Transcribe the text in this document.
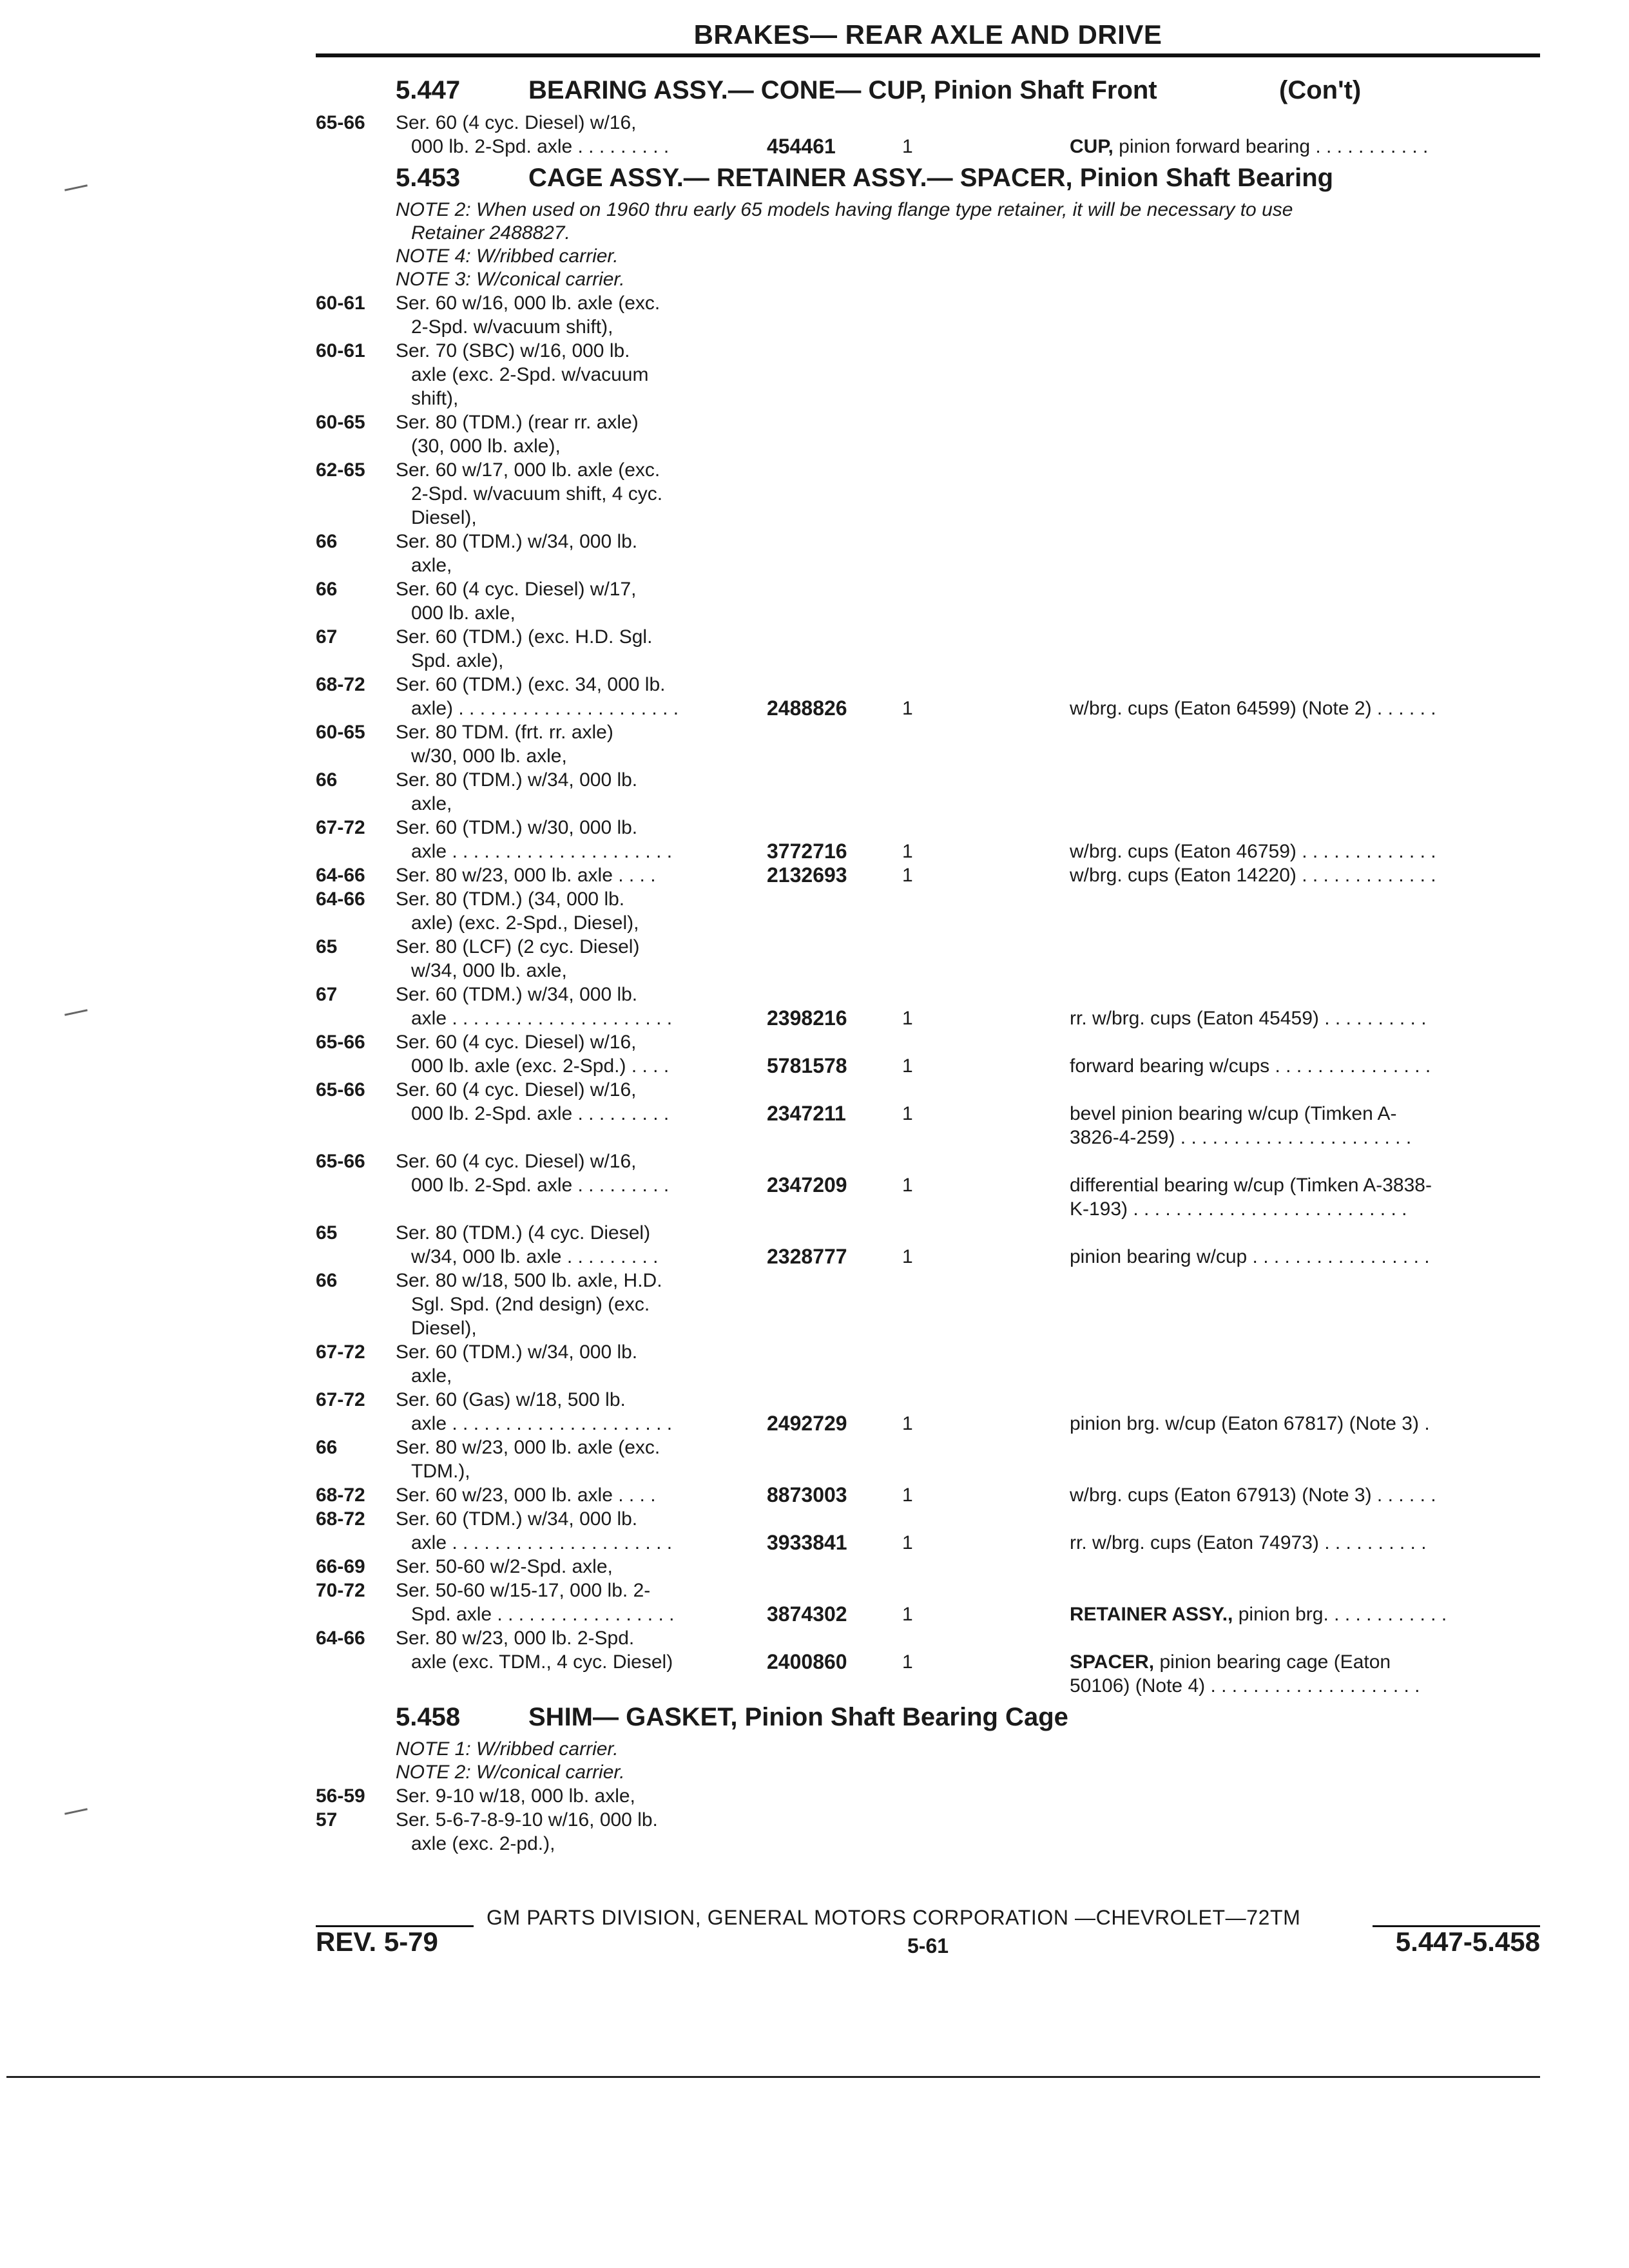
BRAKES— REAR AXLE AND DRIVE
5.447	BEARING ASSY.— CONE— CUP, Pinion Shaft Front	(Con't)
65-66	Ser. 60 (4 cyc. Diesel) w/16,
000 lb. 2-Spd. axle . . . . . . . . .	454461	1	CUP, pinion forward bearing . . . . . . . . . . .
5.453	CAGE ASSY.— RETAINER ASSY.— SPACER, Pinion Shaft Bearing
NOTE 2: When used on 1960 thru early 65 models having flange type retainer, it will be necessary to use

Retainer 2488827.
NOTE 4: W/ribbed carrier.
NOTE 3: W/conical carrier.
60-61	Ser. 60 w/16, 000 lb. axle (exc.
2-Spd. w/vacuum shift),
60-61	Ser. 70 (SBC) w/16, 000 lb.
axle (exc. 2-Spd. w/vacuum
shift),
60-65	Ser. 80 (TDM.) (rear rr. axle)
(30, 000 lb. axle),
62-65	Ser. 60 w/17, 000 lb. axle (exc.
2-Spd. w/vacuum shift, 4 cyc.
Diesel),
66	Ser. 80 (TDM.) w/34, 000 lb.
axle,
66	Ser. 60 (4 cyc. Diesel) w/17,
000 lb. axle,
67	Ser. 60 (TDM.) (exc. H.D. Sgl.
Spd. axle),
68-72	Ser. 60 (TDM.) (exc. 34, 000 lb.
axle) . . . . . . . . . . . . . . . . . . . . .	2488826	1	w/brg. cups (Eaton 64599) (Note 2) . . . . . .
60-65	Ser. 80 TDM. (frt. rr. axle)
w/30, 000 lb. axle,
66	Ser. 80 (TDM.) w/34, 000 lb.
axle,
67-72	Ser. 60 (TDM.) w/30, 000 lb.
axle . . . . . . . . . . . . . . . . . . . . .	3772716	1	w/brg. cups (Eaton 46759) . . . . . . . . . . . . .
64-66	Ser. 80 w/23, 000 lb. axle . . . .	2132693	1	w/brg. cups (Eaton 14220) . . . . . . . . . . . . .
64-66	Ser. 80 (TDM.) (34, 000 lb.
axle) (exc. 2-Spd., Diesel),
65	Ser. 80 (LCF) (2 cyc. Diesel)
w/34, 000 lb. axle,
67	Ser. 60 (TDM.) w/34, 000 lb.
axle . . . . . . . . . . . . . . . . . . . . .	2398216	1	rr. w/brg. cups (Eaton 45459) . . . . . . . . . .
65-66	Ser. 60 (4 cyc. Diesel) w/16,
000 lb. axle (exc. 2-Spd.) . . . .	5781578	1	forward bearing w/cups . . . . . . . . . . . . . . .
65-66	Ser. 60 (4 cyc. Diesel) w/16,
000 lb. 2-Spd. axle . . . . . . . . .	2347211	1	bevel pinion bearing w/cup (Timken A-
3826-4-259) . . . . . . . . . . . . . . . . . . . . . .
65-66	Ser. 60 (4 cyc. Diesel) w/16,
000 lb. 2-Spd. axle . . . . . . . . .	2347209	1	differential bearing w/cup (Timken A-3838-
K-193) . . . . . . . . . . . . . . . . . . . . . . . . . .
65	Ser. 80 (TDM.) (4 cyc. Diesel)
w/34, 000 lb. axle . . . . . . . . .	2328777	1	pinion bearing w/cup . . . . . . . . . . . . . . . . .
66	Ser. 80 w/18, 500 lb. axle, H.D.
Sgl. Spd. (2nd design) (exc.
Diesel),
67-72	Ser. 60 (TDM.) w/34, 000 lb.
axle,
67-72	Ser. 60 (Gas) w/18, 500 lb.
axle . . . . . . . . . . . . . . . . . . . . .	2492729	1	pinion brg. w/cup (Eaton 67817) (Note 3) .
66	Ser. 80 w/23, 000 lb. axle (exc.
TDM.),
68-72	Ser. 60 w/23, 000 lb. axle . . . .	8873003	1	w/brg. cups (Eaton 67913) (Note 3) . . . . . .
68-72	Ser. 60 (TDM.) w/34, 000 lb.
axle . . . . . . . . . . . . . . . . . . . . .	3933841	1	rr. w/brg. cups (Eaton 74973) . . . . . . . . . .
66-69	Ser. 50-60 w/2-Spd. axle,
70-72	Ser. 50-60 w/15-17, 000 lb. 2-
Spd. axle . . . . . . . . . . . . . . . . .	3874302	1	RETAINER ASSY., pinion brg. . . . . . . . . . . .
64-66	Ser. 80 w/23, 000 lb. 2-Spd.
axle (exc. TDM., 4 cyc. Diesel)	2400860	1	SPACER, pinion bearing cage (Eaton
50106) (Note 4) . . . . . . . . . . . . . . . . . . . .
5.458	SHIM— GASKET, Pinion Shaft Bearing Cage
NOTE 1: W/ribbed carrier.
NOTE 2: W/conical carrier.
56-59	Ser. 9-10 w/18, 000 lb. axle,
57	Ser. 5-6-7-8-9-10 w/16, 000 lb.
axle (exc. 2-pd.),
GM PARTS DIVISION, GENERAL MOTORS CORPORATION —CHEVROLET—72TM
REV. 5-79	5-61	5.447-5.458
